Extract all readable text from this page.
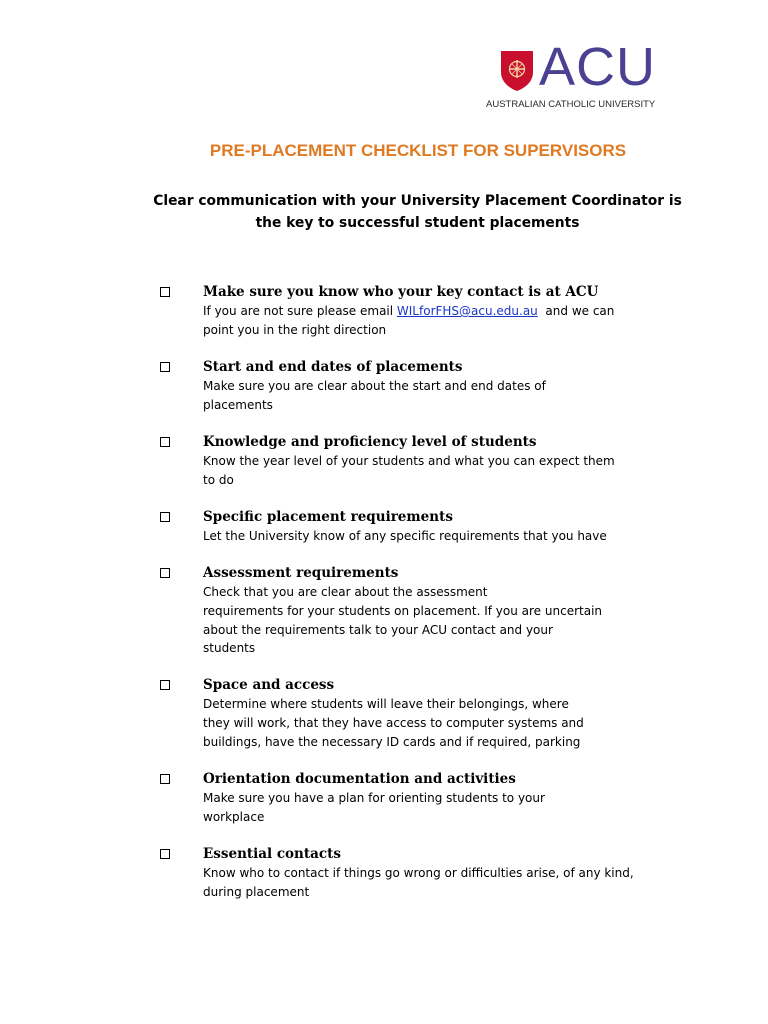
ACU
AUSTRALIAN CATHOLIC UNIVERSITY
PRE-PLACEMENT CHECKLIST FOR SUPERVISORS
Clear communication with your University Placement Coordinator is
the key to successful student placements
Make sure you know who your key contact is at ACU
If you are not sure please email WILforFHS@acu.edu.au  and we can
point you in the right direction
Start and end dates of placements
Make sure you are clear about the start and end dates of
placements
Knowledge and proficiency level of students
Know the year level of your students and what you can expect them
to do
Specific placement requirements
Let the University know of any specific requirements that you have
Assessment requirements
Check that you are clear about the assessment
requirements for your students on placement. If you are uncertain
about the requirements talk to your ACU contact and your
students
Space and access
Determine where students will leave their belongings, where
they will work, that they have access to computer systems and
buildings, have the necessary ID cards and if required, parking
Orientation documentation and activities
Make sure you have a plan for orienting students to your
workplace
Essential contacts
Know who to contact if things go wrong or difficulties arise, of any kind,
during placement
